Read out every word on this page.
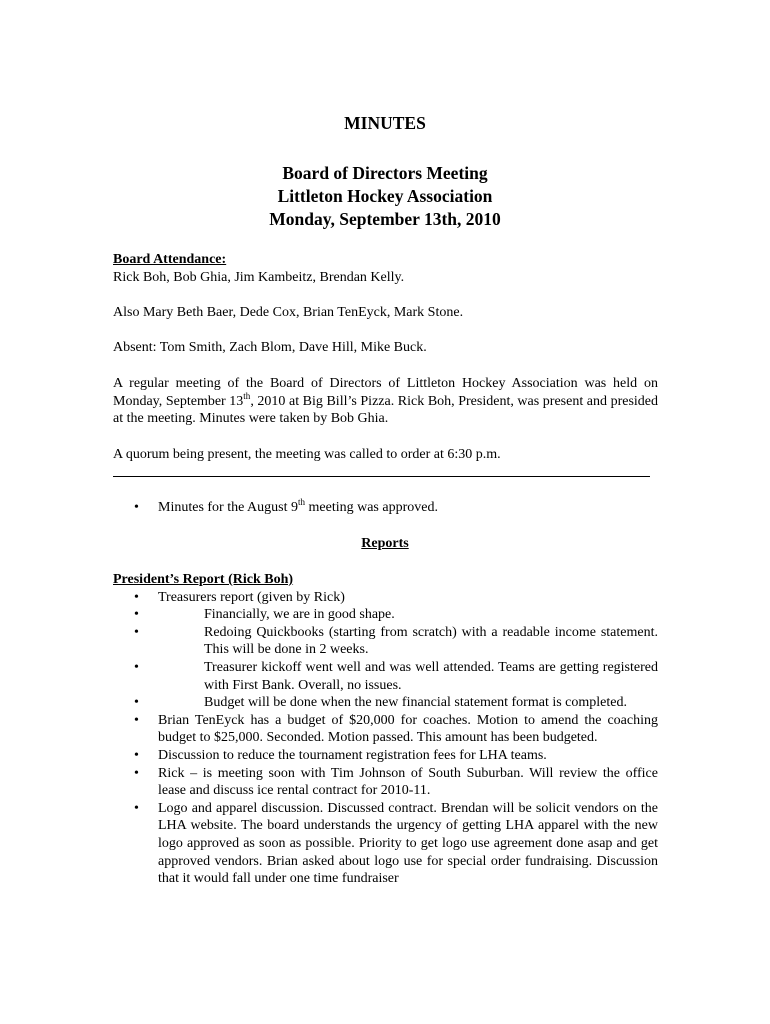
MINUTES
Board of Directors Meeting
Littleton Hockey Association
Monday, September 13th, 2010

Board Attendance:

Rick Boh, Bob Ghia, Jim Kambeitz, Brendan Kelly.

Also Mary Beth Baer, Dede Cox, Brian TenEyck, Mark Stone.

Absent: Tom Smith, Zach Blom, Dave Hill, Mike Buck.

A regular meeting of the Board of Directors of Littleton Hockey Association was held on Monday, September 13th, 2010 at Big Bill’s Pizza. Rick Boh, President, was present and presided at the meeting. Minutes were taken by Bob Ghia.

A quorum being present, the meeting was called to order at 6:30 p.m.

• Minutes for the August 9th meeting was approved.
Reports

President’s Report (Rick Boh)

• Treasurers report (given by Rick)
•	Financially, we are in good shape.
•	Redoing Quickbooks (starting from scratch) with a readable income statement. This will be done in 2 weeks.
•	Treasurer kickoff went well and was well attended. Teams are getting registered with First Bank. Overall, no issues.
•	Budget will be done when the new financial statement format is completed.
• Brian TenEyck has a budget of $20,000 for coaches. Motion to amend the coaching budget to $25,000. Seconded. Motion passed. This amount has been budgeted.
• Discussion to reduce the tournament registration fees for LHA teams.
• Rick – is meeting soon with Tim Johnson of South Suburban. Will review the office lease and discuss ice rental contract for 2010-11.
• Logo and apparel discussion. Discussed contract. Brendan will be solicit vendors on the LHA website. The board understands the urgency of getting LHA apparel with the new logo approved as soon as possible. Priority to get logo use agreement done asap and get approved vendors. Brian asked about logo use for special order fundraising. Discussion that it would fall under one time fundraiser
